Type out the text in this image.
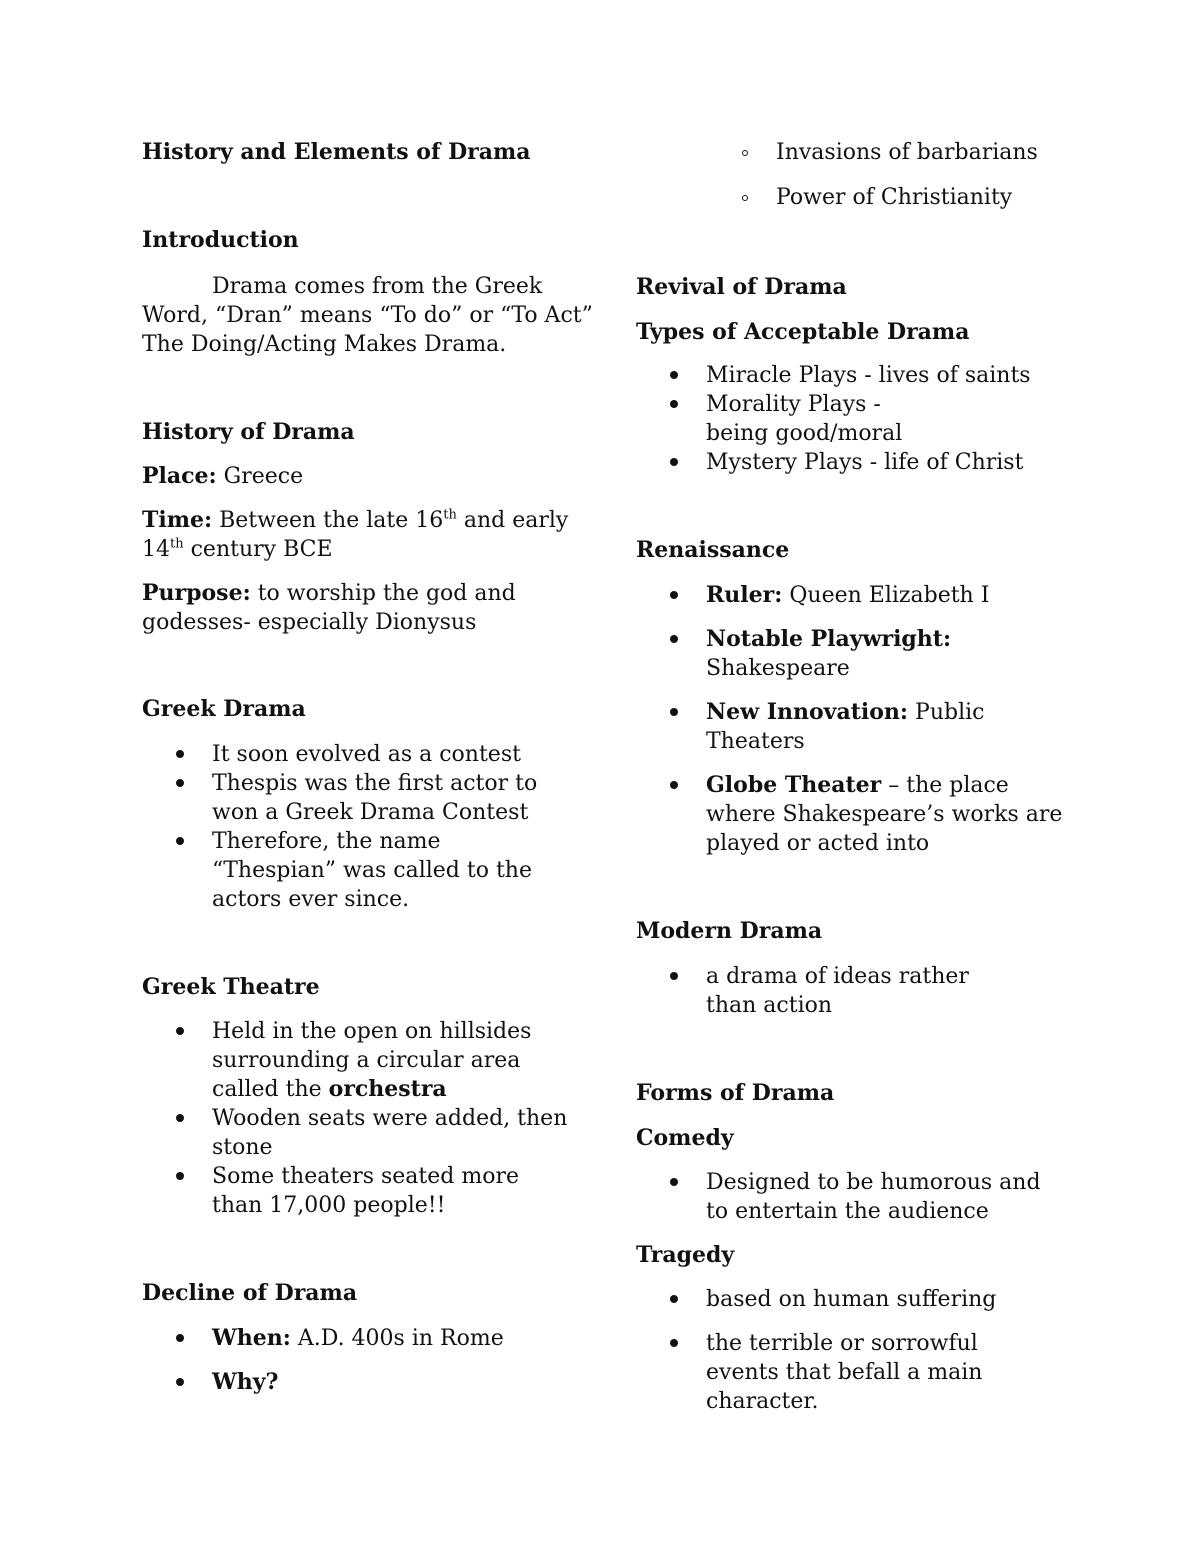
History and Elements of Drama
Introduction

Drama comes from the Greek

Word, “Dran” means “To do” or “To Act”

The Doing/Acting Makes Drama.

History of Drama

Place: Greece

Time: Between the late 16th and early
14th century BCE

Purpose: to worship the god and godesses- especially Dionysus

Greek Drama
It soon evolved as a contest
Thespis was the first actor to won a Greek Drama Contest
Therefore, the name “Thespian” was called to the actors ever since.
Greek Theatre
Held in the open on hillsides surrounding a circular area called the orchestra
Wooden seats were added, then stone
Some theaters seated more than 17,000 people!!
Decline of Drama
When: A.D. 400s in Rome
Why?
Invasions of barbarians
Power of Christianity
Revival of Drama
Types of Acceptable Drama
Miracle Plays - lives of saints
Morality Plays - being good/moral
Mystery Plays - life of Christ
Renaissance
Ruler: Queen Elizabeth I
Notable Playwright:
Shakespeare
New Innovation: Public Theaters
Globe Theater – the place where Shakespeare’s works are played or acted into
Modern Drama
a drama of ideas rather than action
Forms of Drama
Comedy
Designed to be humorous and to entertain the audience
Tragedy
based on human suffering
the terrible or sorrowful events that befall a main character.
